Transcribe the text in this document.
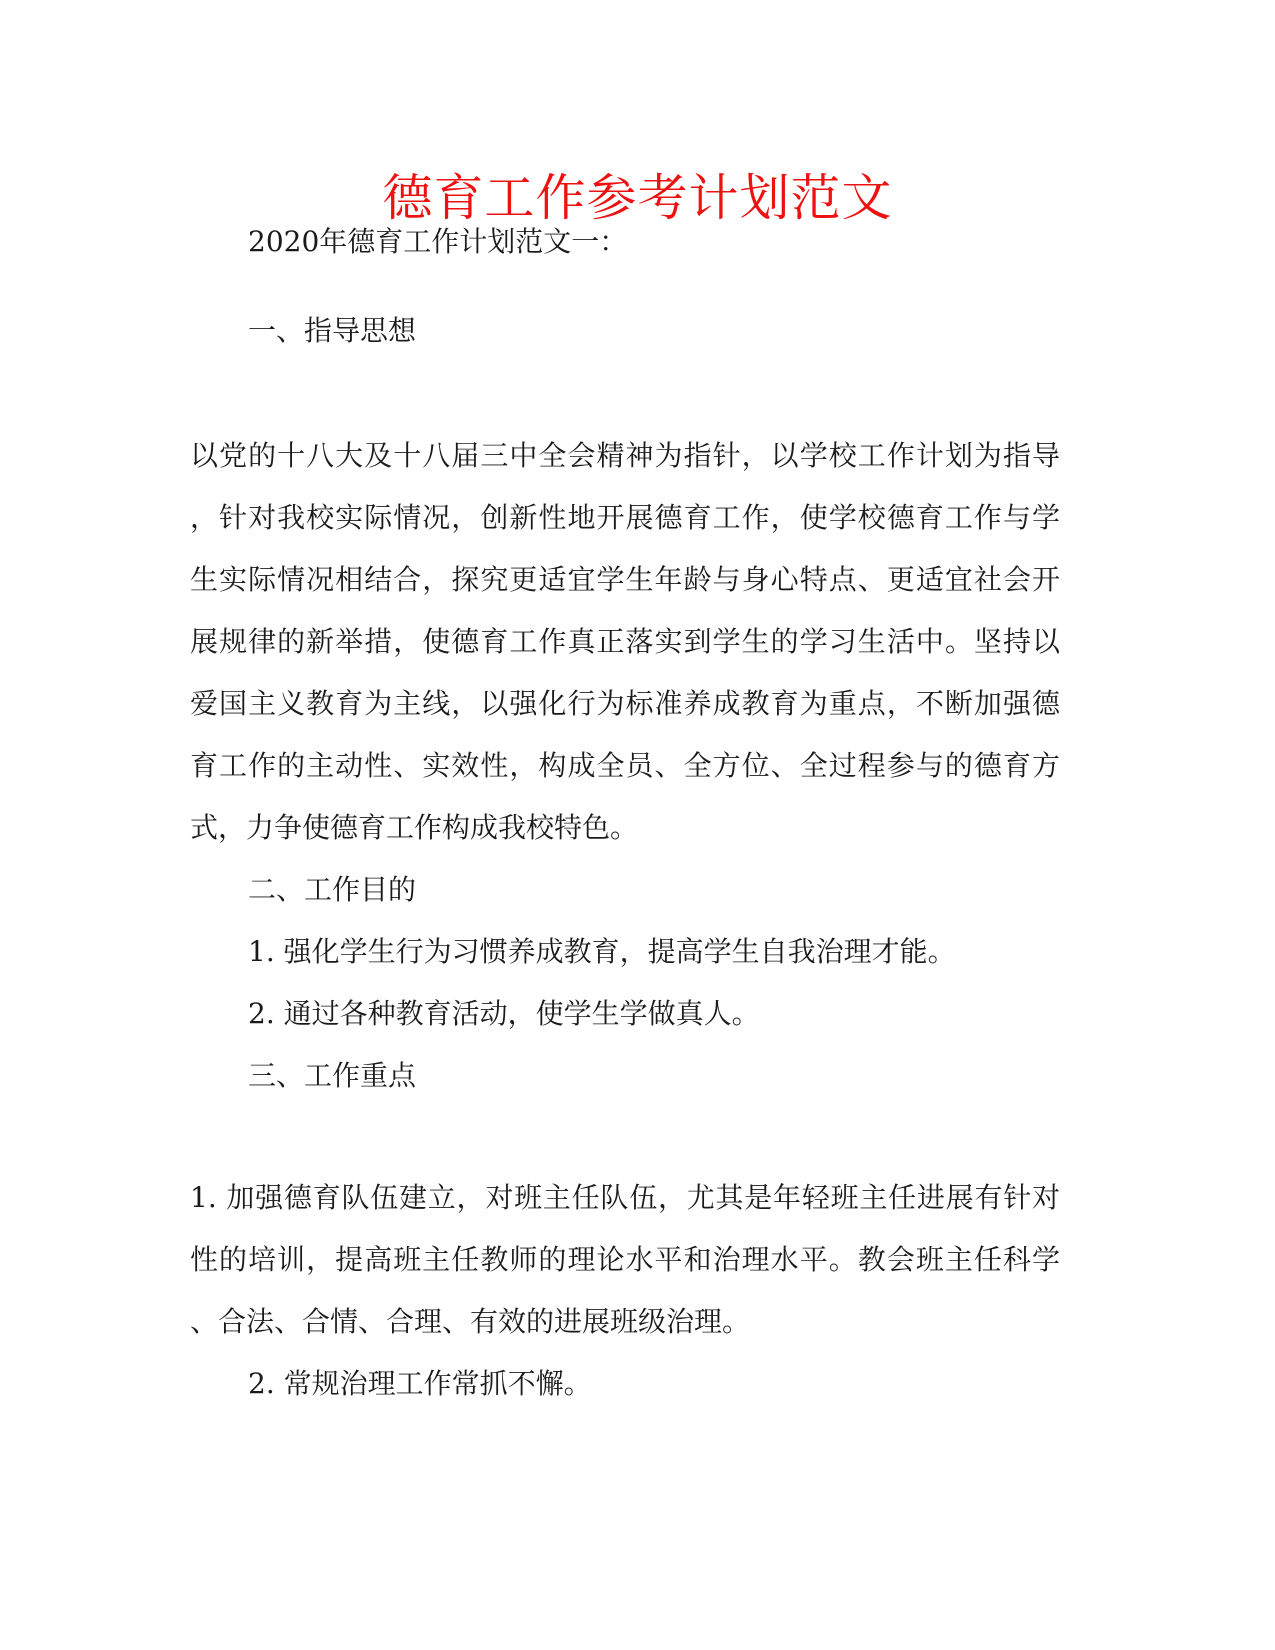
德育工作参考计划范文
2020年德育工作计划范文一：
一、指导思想
以党的十八大及十八届三中全会精神为指针，以学校工作计划为指导
，针对我校实际情况，创新性地开展德育工作，使学校德育工作与学
生实际情况相结合，探究更适宜学生年龄与身心特点、更适宜社会开
展规律的新举措，使德育工作真正落实到学生的学习生活中。坚持以
爱国主义教育为主线，以强化行为标准养成教育为重点，不断加强德
育工作的主动性、实效性，构成全员、全方位、全过程参与的德育方
式，力争使德育工作构成我校特色。
二、工作目的
1. 强化学生行为习惯养成教育，提高学生自我治理才能。
2. 通过各种教育活动，使学生学做真人。
三、工作重点
1. 加强德育队伍建立，对班主任队伍，尤其是年轻班主任进展有针对
性的培训，提高班主任教师的理论水平和治理水平。教会班主任科学
、合法、合情、合理、有效的进展班级治理。
2. 常规治理工作常抓不懈。
